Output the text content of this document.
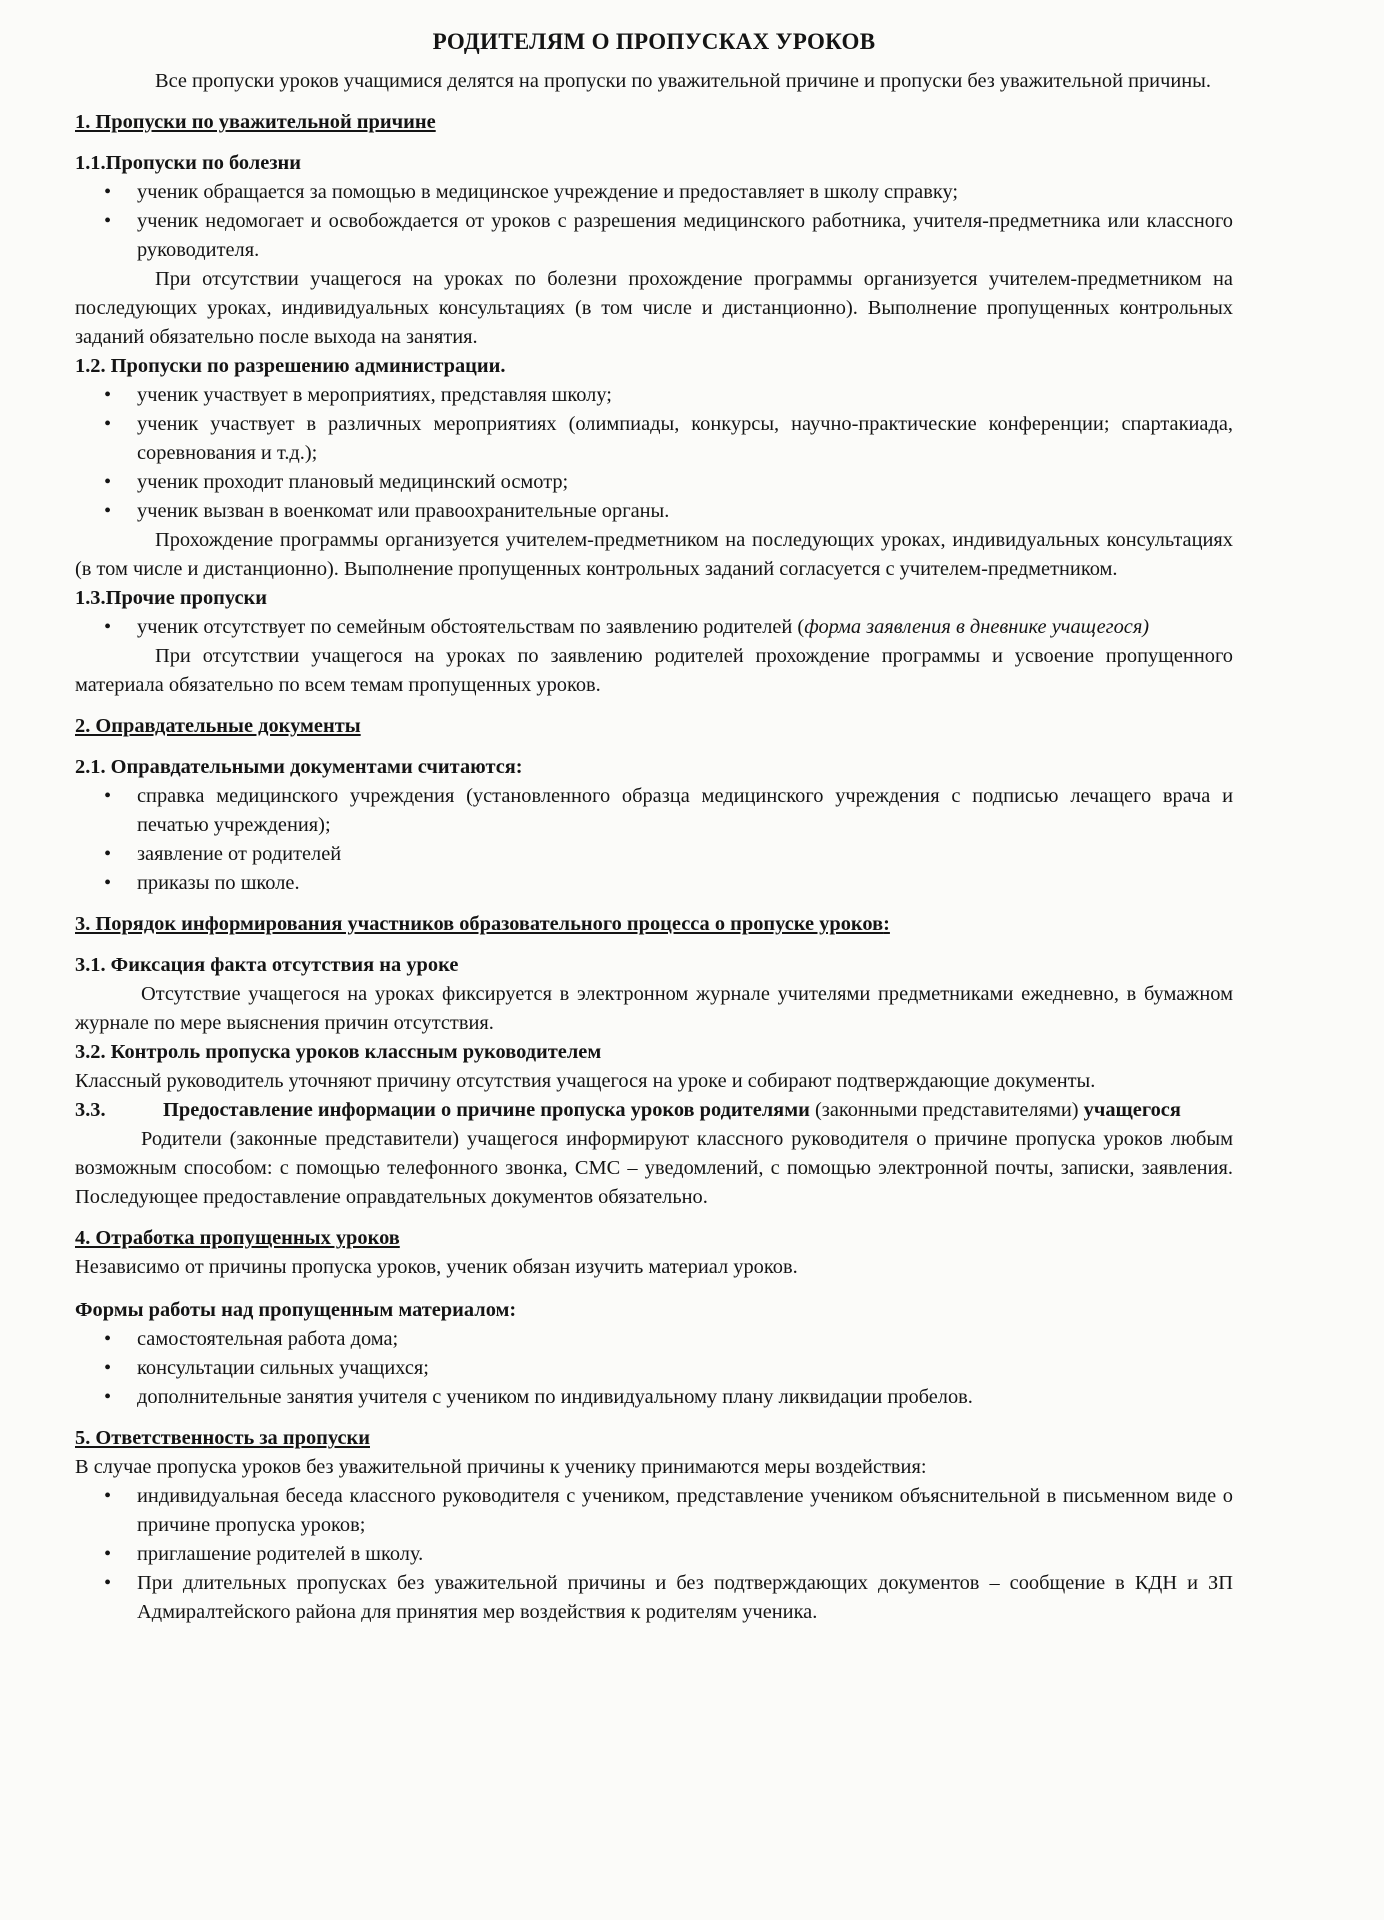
РОДИТЕЛЯМ О ПРОПУСКАХ УРОКОВ

Все пропуски уроков учащимися делятся на пропуски по уважительной причине и пропуски без уважительной причины.

1. Пропуски по уважительной причине

1.1.Пропуски по болезни

• ученик обращается за помощью в медицинское учреждение и предоставляет в школу справку;
• ученик недомогает и освобождается от уроков с разрешения медицинского работника, учителя-предметника или классного руководителя.

При отсутствии учащегося на уроках по болезни прохождение программы организуется учителем-предметником на последующих уроках, индивидуальных консультациях (в том числе и дистанционно). Выполнение пропущенных контрольных заданий обязательно после выхода на занятия.

1.2. Пропуски по разрешению администрации.

• ученик участвует в мероприятиях, представляя школу;
• ученик участвует в различных мероприятиях (олимпиады, конкурсы, научно-практические конференции; спартакиада, соревнования и т.д.);
• ученик проходит плановый медицинский осмотр;
• ученик вызван в военкомат или правоохранительные органы.

Прохождение программы организуется учителем-предметником на последующих уроках, индивидуальных консультациях (в том числе и дистанционно). Выполнение пропущенных контрольных заданий согласуется с учителем-предметником.

1.3.Прочие пропуски

• ученик отсутствует по семейным обстоятельствам по заявлению родителей (форма заявления в дневнике учащегося)

При отсутствии учащегося на уроках по заявлению родителей прохождение программы и усвоение пропущенного материала обязательно по всем темам пропущенных уроков.

2. Оправдательные документы

2.1. Оправдательными документами считаются:

• справка медицинского учреждения (установленного образца медицинского учреждения с подписью лечащего врача и печатью учреждения);
• заявление от родителей
• приказы по школе.

3. Порядок информирования участников образовательного процесса о пропуске уроков:

3.1. Фиксация факта отсутствия на уроке

Отсутствие учащегося на уроках фиксируется в электронном журнале учителями предметниками ежедневно, в бумажном журнале по мере выяснения причин отсутствия.

3.2. Контроль пропуска уроков классным руководителем

Классный руководитель уточняют причину отсутствия учащегося на уроке и собирают подтверждающие документы.

3.3.	Предоставление информации о причине пропуска уроков родителями (законными представителями) учащегося

Родители (законные представители) учащегося информируют классного руководителя о причине пропуска уроков любым возможным способом: с помощью телефонного звонка, СМС – уведомлений, с помощью электронной почты, записки, заявления. Последующее предоставление оправдательных документов обязательно.

4. Отработка пропущенных уроков

Независимо от причины пропуска уроков, ученик обязан изучить материал уроков.

Формы работы над пропущенным материалом:

• самостоятельная работа дома;
• консультации сильных учащихся;
• дополнительные занятия учителя с учеником по индивидуальному плану ликвидации пробелов.

5. Ответственность за пропуски

В случае пропуска уроков без уважительной причины к ученику принимаются меры воздействия:

• индивидуальная беседа классного руководителя с учеником, представление учеником объяснительной в письменном виде о причине пропуска уроков;
• приглашение родителей в школу.
• При длительных пропусках без уважительной причины и без подтверждающих документов – сообщение в КДН и ЗП Адмиралтейского района для принятия мер воздействия к родителям ученика.
